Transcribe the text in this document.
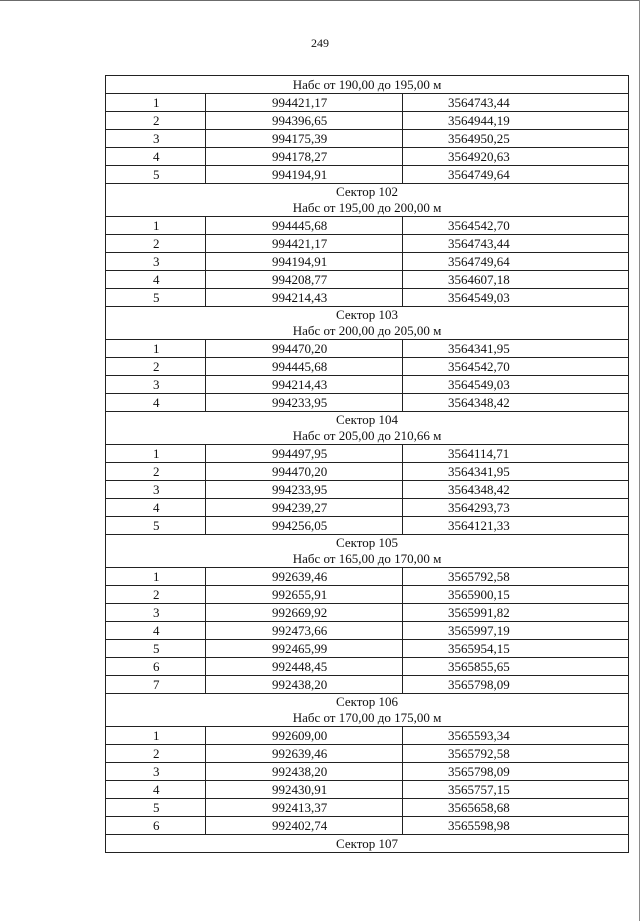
249
Набс от 190,00 до 195,00 м		

1	994421,17	3564743,44
2	994396,65	3564944,19
3	994175,39	3564950,25
4	994178,27	3564920,63
5	994194,91	3564749,64

Сектор 102
Набс от 195,00 до 200,00 м		

1	994445,68	3564542,70
2	994421,17	3564743,44
3	994194,91	3564749,64
4	994208,77	3564607,18
5	994214,43	3564549,03

Сектор 103
Набс от 200,00 до 205,00 м		

1	994470,20	3564341,95
2	994445,68	3564542,70
3	994214,43	3564549,03
4	994233,95	3564348,42

Сектор 104
Набс от 205,00 до 210,66 м		

1	994497,95	3564114,71
2	994470,20	3564341,95
3	994233,95	3564348,42
4	994239,27	3564293,73
5	994256,05	3564121,33

Сектор 105
Набс от 165,00 до 170,00 м		

1	992639,46	3565792,58
2	992655,91	3565900,15
3	992669,92	3565991,82
4	992473,66	3565997,19
5	992465,99	3565954,15
6	992448,45	3565855,65
7	992438,20	3565798,09

Сектор 106
Набс от 170,00 до 175,00 м		

1	992609,00	3565593,34
2	992639,46	3565792,58
3	992438,20	3565798,09
4	992430,91	3565757,15
5	992413,37	3565658,68
6	992402,74	3565598,98

Сектор 107		
